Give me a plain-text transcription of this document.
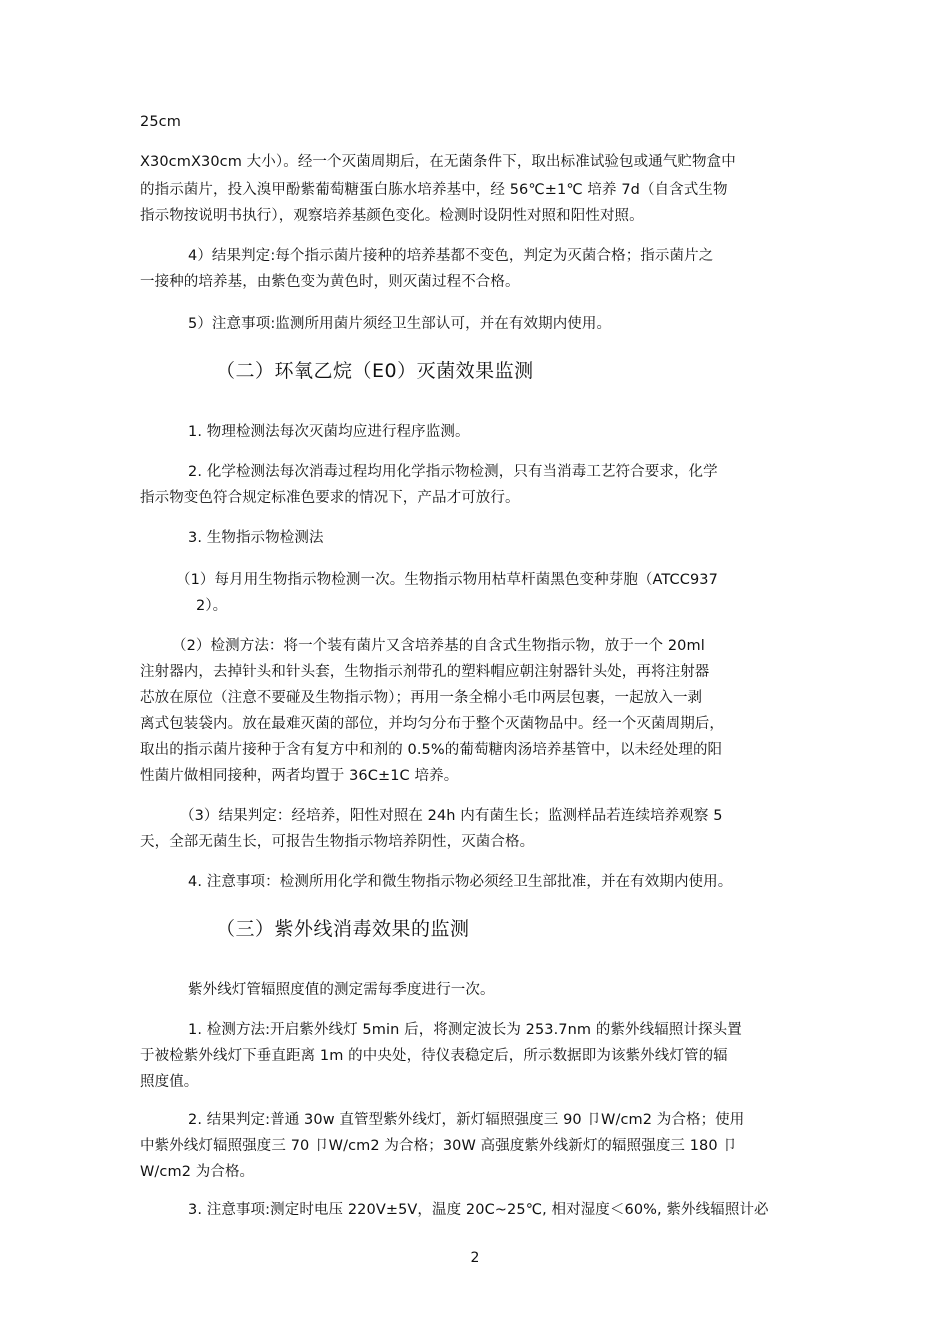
25cm
X30cmX30cm 大小）。经一个灭菌周期后，在无菌条件下，取出标准试验包或通气贮物盒中
的指示菌片，投入溴甲酚紫葡萄糖蛋白胨水培养基中，经 56℃±1℃ 培养 7d（自含式生物
指示物按说明书执行），观察培养基颜色变化。检测时设阴性对照和阳性对照。
4）结果判定:每个指示菌片接种的培养基都不变色，判定为灭菌合格；指示菌片之
一接种的培养基，由紫色变为黄色时，则灭菌过程不合格。
5）注意事项:监测所用菌片须经卫生部认可，并在有效期内使用。
（二）环氧乙烷（E0）灭菌效果监测
1. 物理检测法每次灭菌均应进行程序监测。
2. 化学检测法每次消毒过程均用化学指示物检测，只有当消毒工艺符合要求，化学
指示物变色符合规定标准色要求的情况下，产品才可放行。
3. 生物指示物检测法
（1）每月用生物指示物检测一次。生物指示物用枯草杆菌黑色变种芽胞（ATCC937
2）。
（2）检测方法：将一个装有菌片又含培养基的自含式生物指示物，放于一个 20ml
注射器内，去掉针头和针头套，生物指示剂带孔的塑料帽应朝注射器针头处，再将注射器
芯放在原位（注意不要碰及生物指示物）；再用一条全棉小毛巾两层包裹，一起放入一剥
离式包装袋内。放在最难灭菌的部位，并均匀分布于整个灭菌物品中。经一个灭菌周期后，
取出的指示菌片接种于含有复方中和剂的 0.5%的葡萄糖肉汤培养基管中，以未经处理的阳
性菌片做相同接种，两者均置于 36C±1C 培养。
（3）结果判定：经培养，阳性对照在 24h 内有菌生长；监测样品若连续培养观察 5
天，全部无菌生长，可报告生物指示物培养阴性，灭菌合格。
4. 注意事项：检测所用化学和微生物指示物必须经卫生部批准，并在有效期内使用。
（三）紫外线消毒效果的监测
紫外线灯管辐照度值的测定需每季度进行一次。
1. 检测方法:开启紫外线灯 5min 后，将测定波长为 253.7nm 的紫外线辐照计探头置
于被检紫外线灯下垂直距离 1m 的中央处，待仪表稳定后，所示数据即为该紫外线灯管的辐
照度值。
2. 结果判定:普通 30w 直管型紫外线灯，新灯辐照强度三 90 卩W/cm2 为合格；使用
中紫外线灯辐照强度三 70 卩W/cm2 为合格；30W 高强度紫外线新灯的辐照强度三 180 卩
W/cm2 为合格。
3. 注意事项:测定时电压 220V±5V，温度 20C~25℃, 相对湿度＜60%, 紫外线辐照计必
2
